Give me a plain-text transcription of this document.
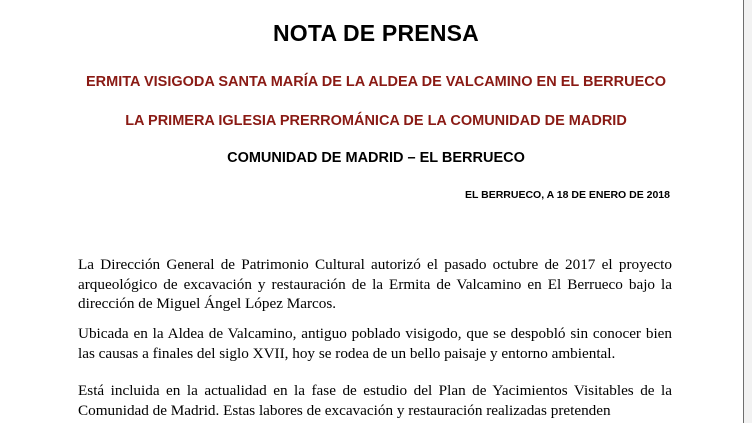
NOTA DE PRENSA
ERMITA VISIGODA SANTA MARÍA DE LA ALDEA DE VALCAMINO EN EL BERRUECO
LA PRIMERA IGLESIA PRERROMÁNICA DE LA COMUNIDAD DE MADRID
COMUNIDAD DE MADRID – EL BERRUECO
EL BERRUECO, A 18 DE ENERO DE 2018
La Dirección General de Patrimonio Cultural autorizó el pasado octubre de 2017 el proyecto arqueológico de excavación y restauración de la Ermita de Valcamino en El Berrueco bajo la dirección de Miguel Ángel López Marcos.
Ubicada en la Aldea de Valcamino, antiguo poblado visigodo, que se despobló sin conocer bien las causas a finales del siglo XVII, hoy se rodea de un bello paisaje y entorno ambiental.
Está incluida en la actualidad en la fase de estudio del Plan de Yacimientos Visitables de la Comunidad de Madrid. Estas labores de excavación y restauración realizadas pretenden
